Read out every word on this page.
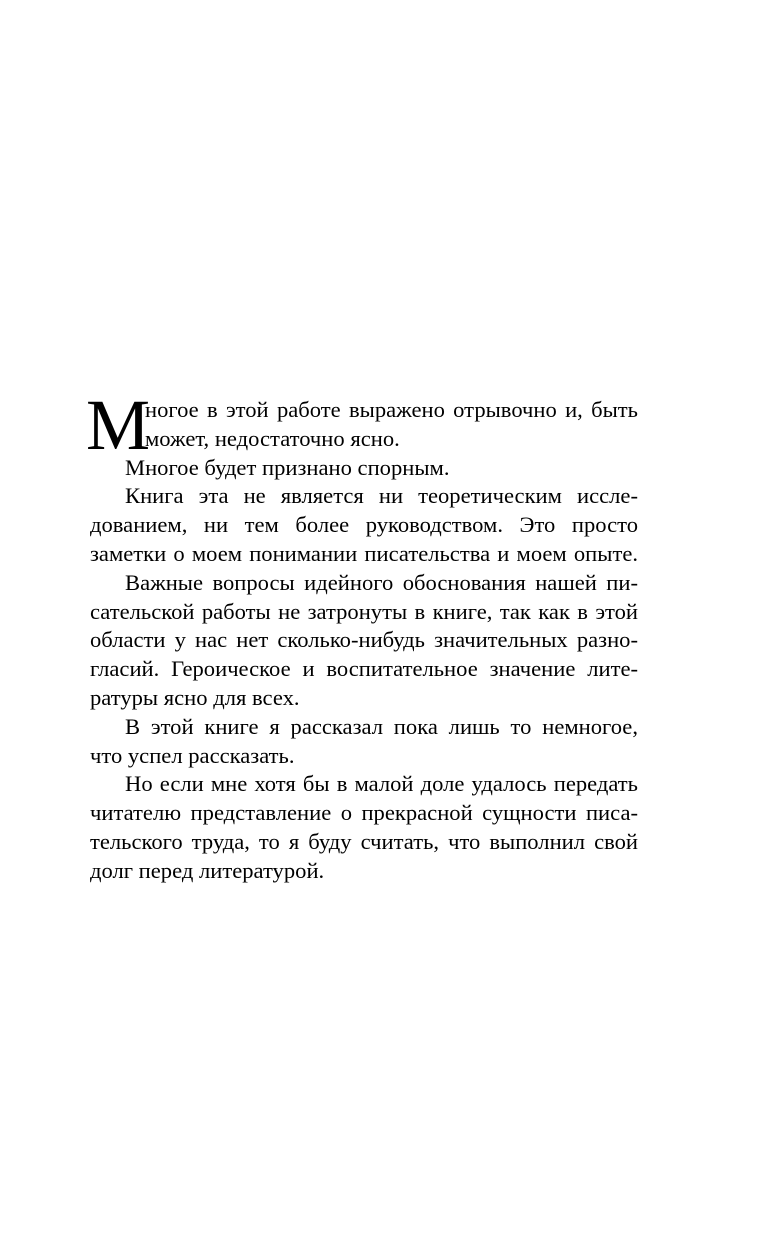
М
ногое в этой работе выражено отрывочно и, быть
может, недостаточно ясно.
Многое будет признано спорным.
Книга эта не является ни теоретическим иссле-
дованием, ни тем более руководством. Это просто
заметки о моем понимании писательства и моем опыте.
Важные вопросы идейного обоснования нашей пи-
сательской работы не затронуты в книге, так как в этой
области у нас нет сколько-нибудь значительных разно-
гласий. Героическое и воспитательное значение лите-
ратуры ясно для всех.
В этой книге я рассказал пока лишь то немногое,
что успел рассказать.
Но если мне хотя бы в малой доле удалось передать
читателю представление о прекрасной сущности писа-
тельского труда, то я буду считать, что выполнил свой
долг перед литературой.
